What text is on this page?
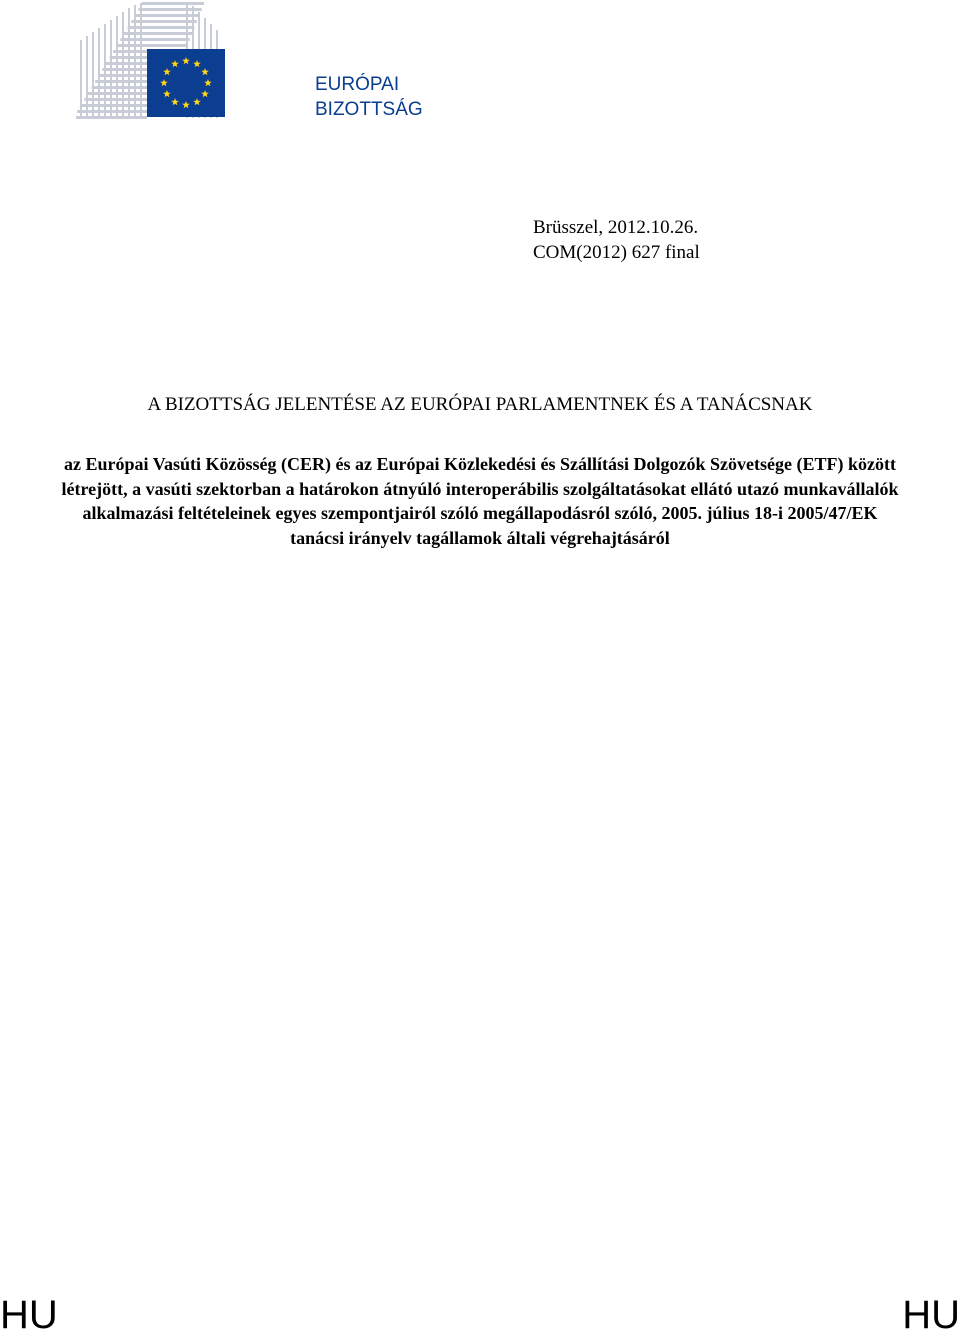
EURÓPAI
BIZOTTSÁG
Brüsszel, 2012.10.26.
COM(2012) 627 final
A BIZOTTSÁG JELENTÉSE AZ EURÓPAI PARLAMENTNEK ÉS A TANÁCSNAK

az Európai Vasúti Közösség (CER) és az Európai Közlekedési és Szállítási Dolgozók Szövetsége (ETF) között létrejött, a vasúti szektorban a határokon átnyúló interoperábilis szolgáltatásokat ellátó utazó munkavállalók alkalmazási feltételeinek egyes szempontjairól szóló megállapodásról szóló, 2005. július 18-i 2005/47/EK tanácsi irányelv tagállamok általi végrehajtásáról

HU	HU
